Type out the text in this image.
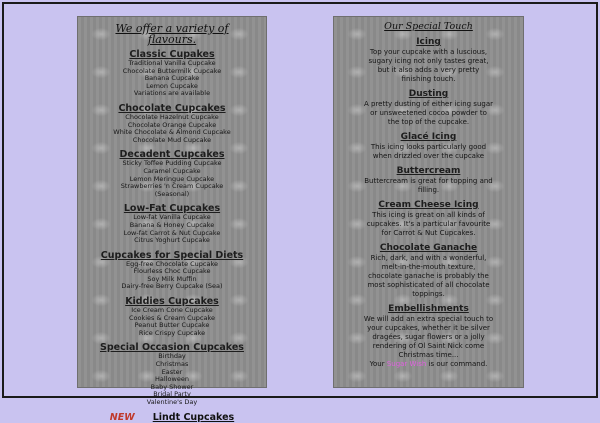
We offer a variety of
flavours.
Classic Cupakes
Traditional Vanilla Cupcake
Chocolate Buttermilk Cupcake
Banana Cupcake
Lemon Cupcake
Variations are available
Chocolate Cupcakes
Chocolate Hazelnut Cupcake
Chocolate Orange Cupcake
White Chocolate & Almond Cupcake
Chocolate Mud Cupcake
Decadent Cupcakes
Sticky Toffee Pudding Cupcake
Caramel Cupcake
Lemon Meringue Cupcake
Strawberries 'n Cream Cupcake
(Seasonal)
Low-Fat Cupcakes
Low-fat Vanilla Cupcake
Banana & Honey Cupcake
Low-fat Carrot & Nut Cupcake
Citrus Yoghurt Cupcake
Cupcakes for Special Diets
Egg-free Chocolate Cupcake
Flourless Choc Cupcake
Soy Milk Muffin
Dairy-free Berry Cupcake (Sea)
Kiddies Cupcakes
Ice Cream Cone Cupcake
Cookies & Cream Cupcake
Peanut Butter Cupcake
Rice Crispy Cupcake
Special Occasion Cupcakes
Birthday
Christmas
Easter
Halloween
Baby Shower
Bridal Party
Valentine's Day
NEW Lindt Cupcakes
Our Special Touch
Icing
Top your cupcake with a luscious,
sugary icing not only tastes great,
but it also adds a very pretty
finishing touch.
Dusting
A pretty dusting of either icing sugar
or unsweetened cocoa powder to
the top of the cupcake.
Glacé Icing
This icing looks particularly good
when drizzled over the cupcake
Buttercream
Buttercream is great for topping and
filling.
Cream Cheese Icing
This icing is great on all kinds of
cupcakes. It's a particular favourite
for Carrot & Nut Cupcakes.
Chocolate Ganache
Rich, dark, and with a wonderful,
melt-in-the-mouth texture,
chocolate ganache is probably the
most sophisticated of all chocolate
toppings.
Embellishments
We will add an extra special touch to
your cupcakes, whether it be silver
dragées, sugar flowers or a jolly
rendering of Ol Saint Nick come
Christmas time...
Your Sugar Wish is our command.
